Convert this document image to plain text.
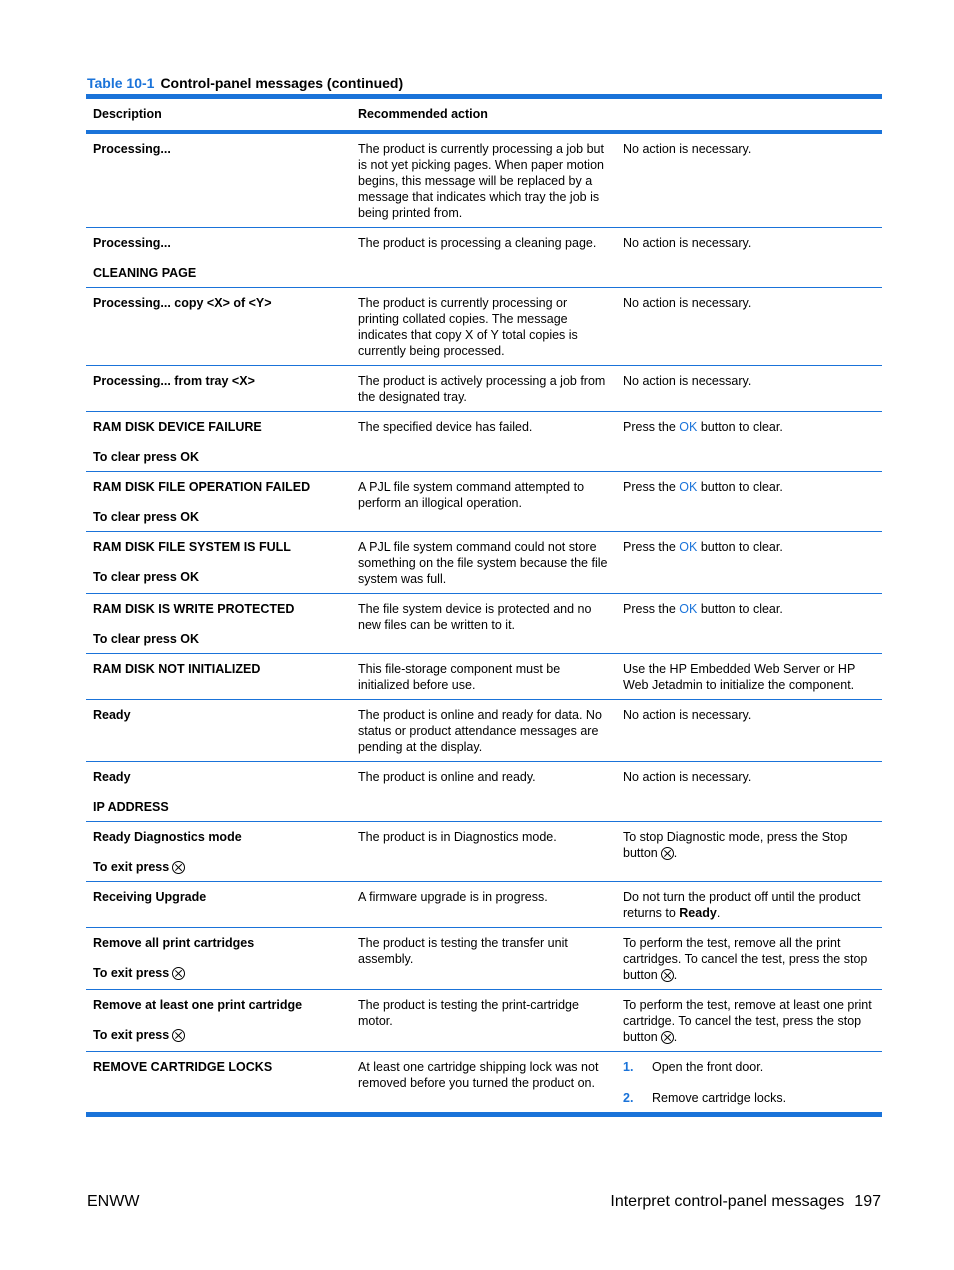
Table 10-1 Control-panel messages (continued)
Description	Recommended action	

Processing...	The product is currently processing a job but is not yet picking pages. When paper motion begins, this message will be replaced by a message that indicates which tray the job is being printed from.	No action is necessary.

Processing...
CLEANING PAGE	The product is processing a cleaning page.	No action is necessary.

Processing... copy <X> of <Y>	The product is currently processing or printing collated copies. The message indicates that copy X of Y total copies is currently being processed.	No action is necessary.

Processing... from tray <X>	The product is actively processing a job from the designated tray.	No action is necessary.

RAM DISK DEVICE FAILURE
To clear press OK	The specified device has failed.	Press the OK button to clear.

RAM DISK FILE OPERATION FAILED
To clear press OK	A PJL file system command attempted to perform an illogical operation.	Press the OK button to clear.

RAM DISK FILE SYSTEM IS FULL
To clear press OK	A PJL file system command could not store something on the file system because the file system was full.	Press the OK button to clear.

RAM DISK IS WRITE PROTECTED
To clear press OK	The file system device is protected and no new files can be written to it.	Press the OK button to clear.

RAM DISK NOT INITIALIZED	This file-storage component must be initialized before use.	Use the HP Embedded Web Server or HP Web Jetadmin to initialize the component.

Ready	The product is online and ready for data. No status or product attendance messages are pending at the display.	No action is necessary.

Ready
IP ADDRESS	The product is online and ready.	No action is necessary.

Ready Diagnostics mode
To exit press	The product is in Diagnostics mode.	To stop Diagnostic mode, press the Stop button .

Receiving Upgrade	A firmware upgrade is in progress.	Do not turn the product off until the product returns to Ready.

Remove all print cartridges
To exit press	The product is testing the transfer unit assembly.	To perform the test, remove all the print cartridges. To cancel the test, press the stop button .

Remove at least one print cartridge
To exit press	The product is testing the print-cartridge motor.	To perform the test, remove at least one print cartridge. To cancel the test, press the stop button .

REMOVE CARTRIDGE LOCKS	At least one cartridge shipping lock was not removed before you turned the product on.	1. Open the front door.
2. Remove cartridge locks.
ENWW	Interpret control-panel messages 197
